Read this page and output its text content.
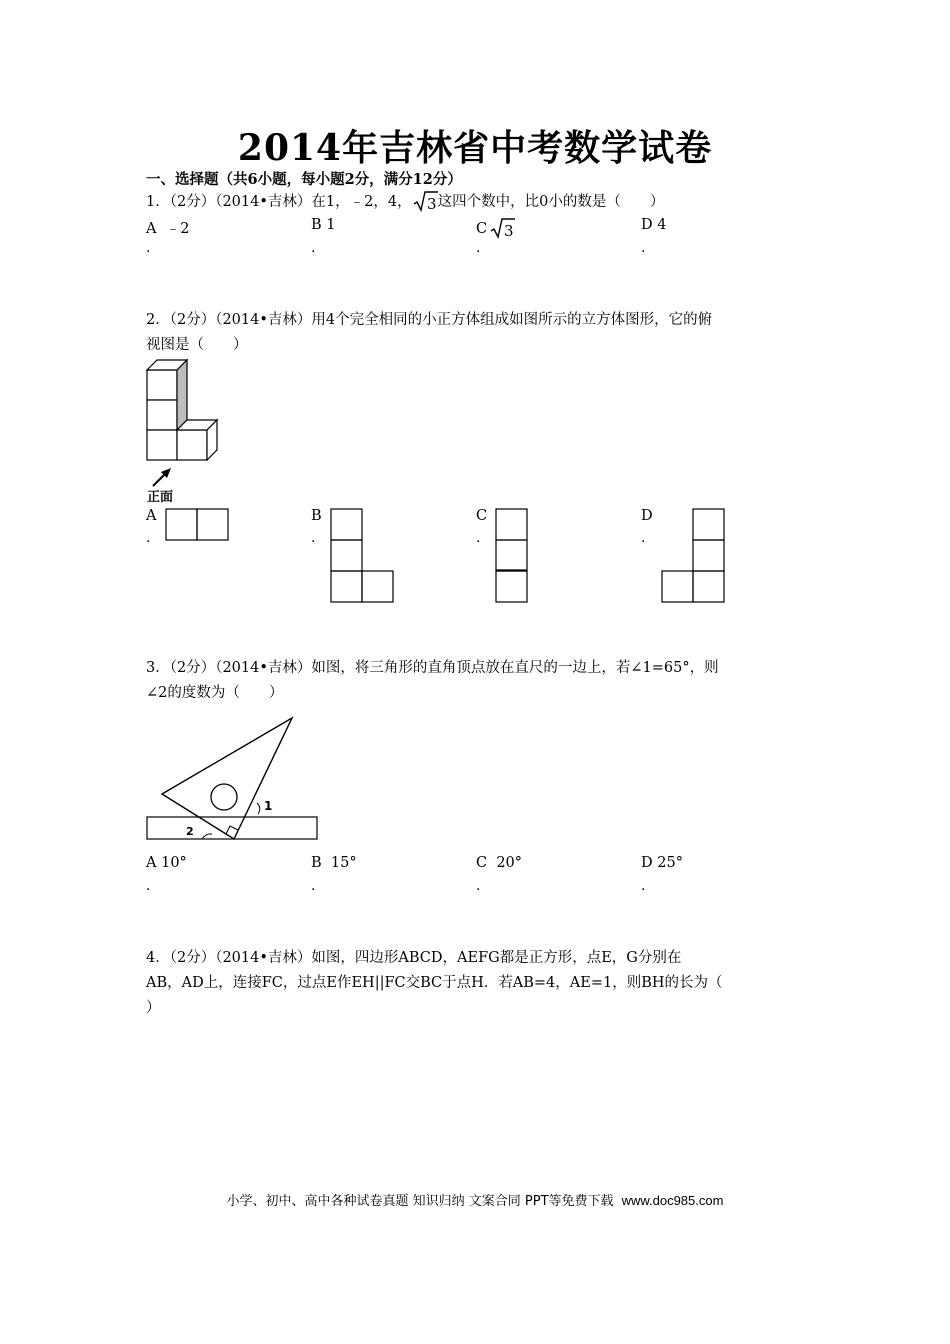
2014年吉林省中考数学试卷
一、选择题（共6小题，每小题2分，满分12分）
1．（2分）（2014•吉林）在1，﹣2，4， 3 这四个数中，比0小的数是（　　）
A ﹣2	B 1	C 3	D 4
.	.	.	.
2．（2分）（2014•吉林）用4个完全相同的小正方体组成如图所示的立方体图形，它的俯
视图是（　　）
正面
A
.
B
.
C
.
D
.
3．（2分）（2014•吉林）如图，将三角形的直角顶点放在直尺的一边上，若∠1=65°，则
∠2的度数为（　　）
1
2
A 10°	B 15°	C 20°	D 25°
.	.	.	.
4．（2分）（2014•吉林）如图，四边形ABCD，AEFG都是正方形，点E，G分别在
AB，AD上，连接FC，过点E作EH||FC交BC于点H．若AB=4，AE=1，则BH的长为（
）
小学、初中、高中各种试卷真题 知识归纳 文案合同 PPT等免费下载 www.doc985.com
